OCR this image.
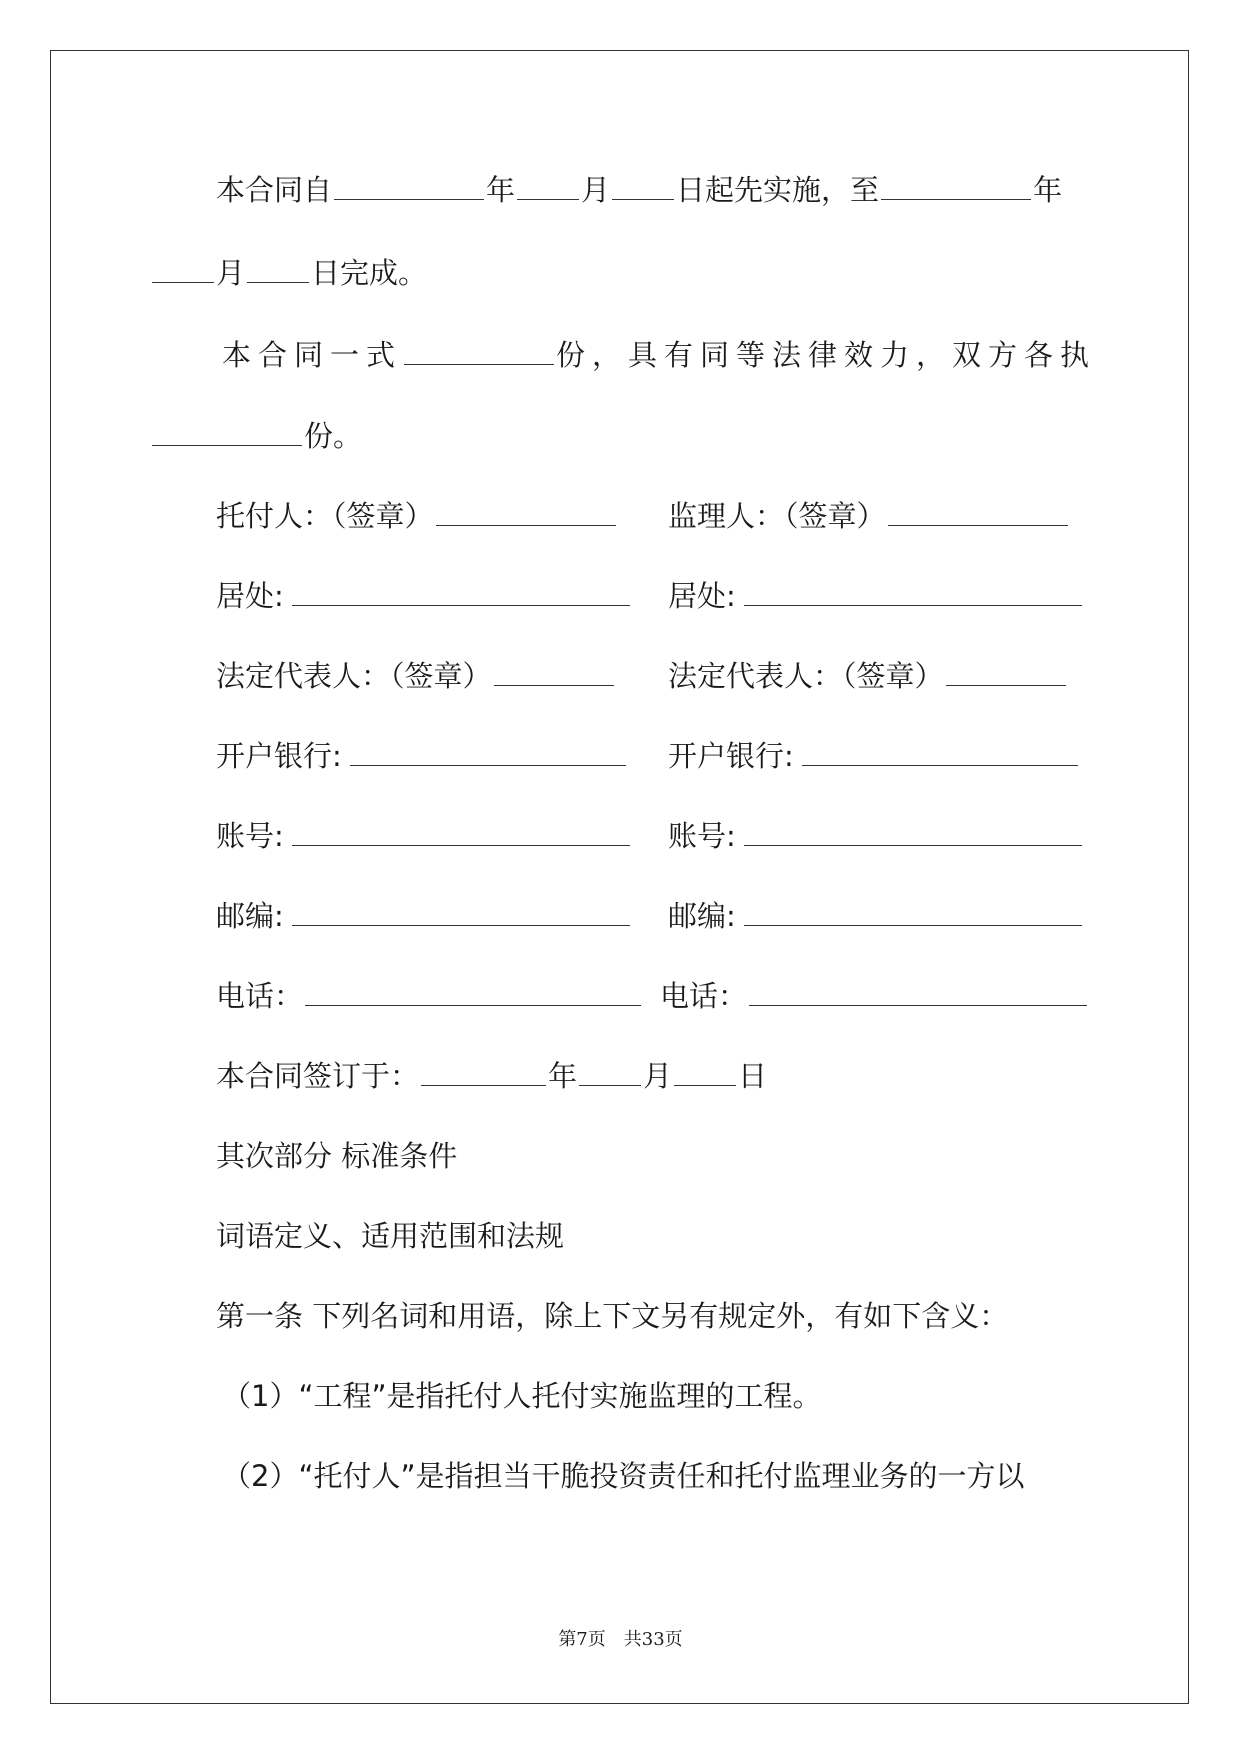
本合同自	年 月 日起先实施，至	年
月 日完成。
本合同一式	份，具有同等法律效力，双方各执
份。
托付人：（签章）	监理人：（签章）
居处:	居处:
法定代表人：（签章）	法定代表人：（签章）
开户银行:	开户银行:
账号:	账号:
邮编:	邮编:
电话：	电话：
本合同签订于：	年 月 日
其次部分 标准条件
词语定义、适用范围和法规
第一条 下列名词和用语，除上下文另有规定外，有如下含义：
（1）“工程”是指托付人托付实施监理的工程。
（2）“托付人”是指担当干脆投资责任和托付监理业务的一方以
第7页　共33页
